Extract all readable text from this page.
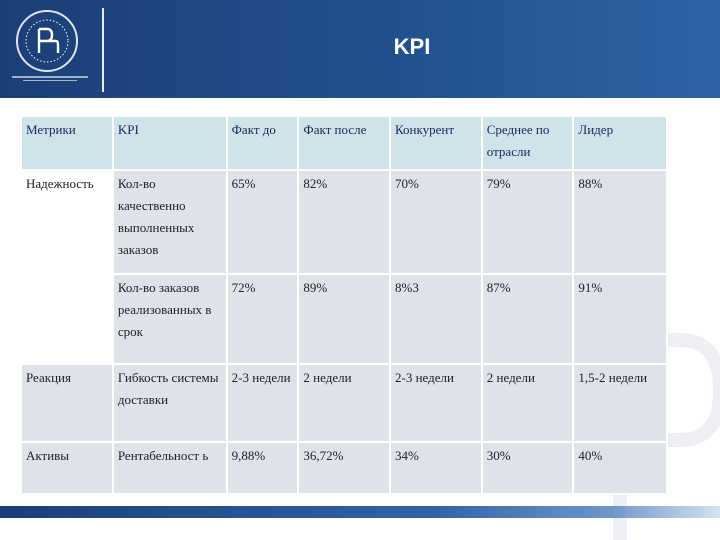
KPI
Метрики	KPI	Факт до	Факт после	Конкурент	Среднее по отрасли	Лидер
Надежность	Кол-во качественно выполненных заказов	65%	82%	70%	79%	88%
	Кол-во заказов реализованных в срок	72%	89%	8%3	87%	91%
Реакция	Гибкость системы доставки	2-3 недели	2 недели	2-3 недели	2 недели	1,5-2 недели
Активы	Рентабельност ь	9,88%	36,72%	34%	30%	40%
